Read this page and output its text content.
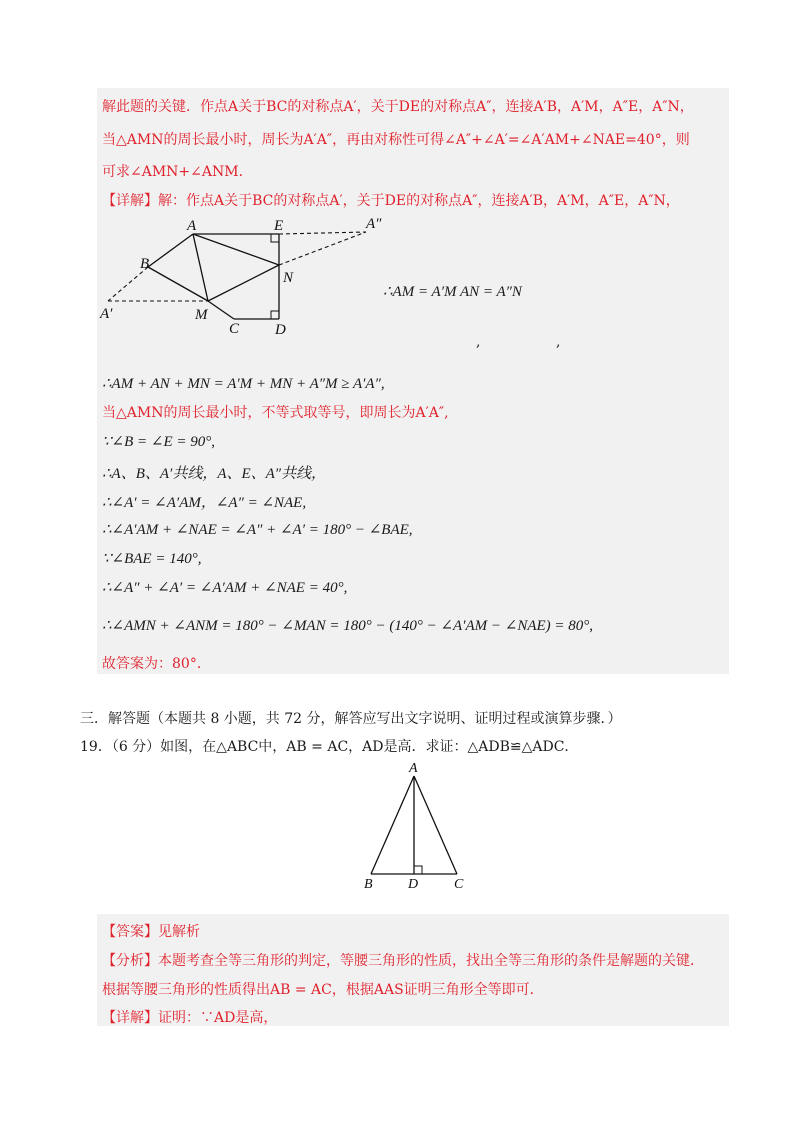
解此题的关键．作点A关于BC的对称点A′，关于DE的对称点A″，连接A′B，A′M，A″E，A″N，
当△AMN的周长最小时，周长为A′A″，再由对称性可得∠A″+∠A′=∠A′AM+∠NAE=40°，则
可求∠AMN+∠ANM．
【详解】解：作点A关于BC的对称点A′，关于DE的对称点A″，连接A′B，A′M，A″E，A″N，
A	E	A″
B
N
A′	M
C D
∴AM = A′M AN = A″N
,	,
∴AM + AN + MN = A′M + MN + A″M ≥ A′A″,
当△AMN的周长最小时，不等式取等号，即周长为A′A″,
∵∠B = ∠E = 90°,
∴A、B、A′共线，A、E、A″共线，
∴∠A′ = ∠A′AM，∠A″ = ∠NAE,
∴∠A′AM + ∠NAE = ∠A″ + ∠A′ = 180° − ∠BAE,
∵∠BAE = 140°,
∴∠A″ + ∠A′ = ∠A′AM + ∠NAE = 40°,
∴∠AMN + ∠ANM = 180° − ∠MAN = 180° − (140° − ∠A′AM − ∠NAE) = 80°,
故答案为：80°．
三．解答题（本题共 8 小题，共 72 分，解答应写出文字说明、证明过程或演算步骤．）
19．（6 分）如图，在△ABC中，AB = AC，AD是高．求证：△ADB≌△ADC．
A
B	D	C
【答案】见解析
【分析】本题考查全等三角形的判定，等腰三角形的性质，找出全等三角形的条件是解题的关键．
根据等腰三角形的性质得出AB = AC，根据AAS证明三角形全等即可．
【详解】证明：∵AD是高，
